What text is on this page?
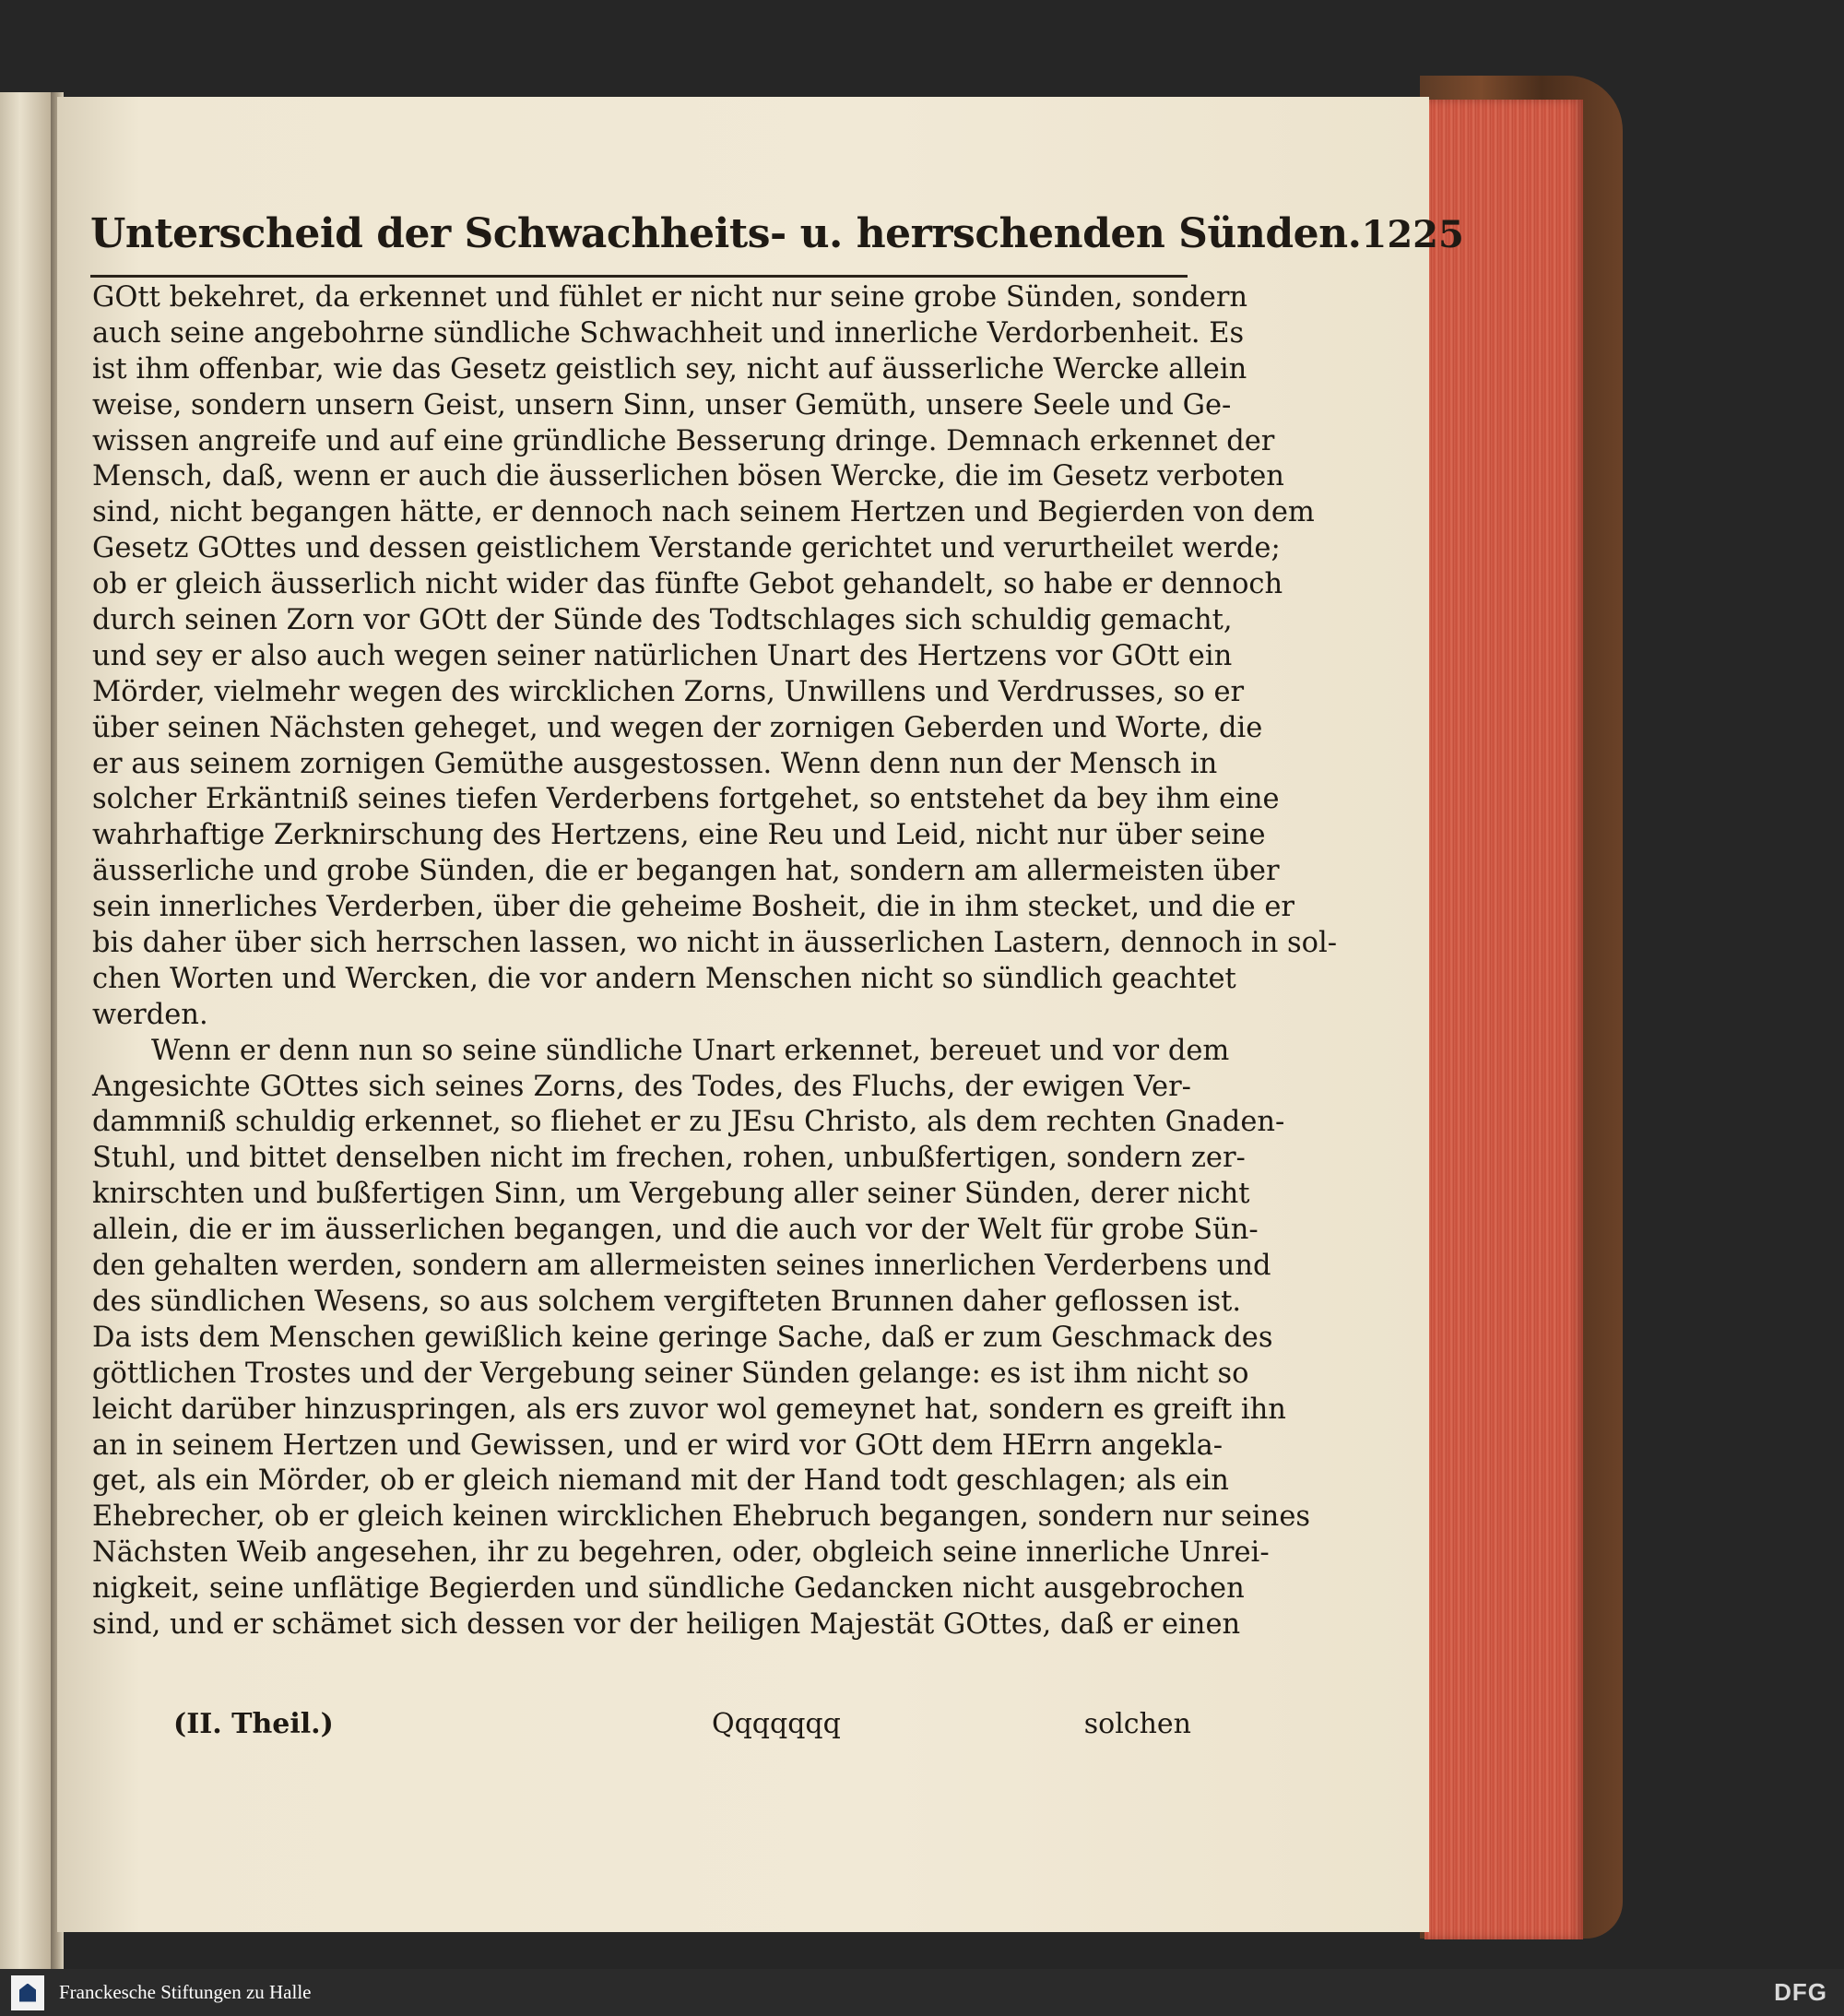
Unterscheid der Schwachheits- u. herrschenden Sünden. 1225
GOtt bekehret, da erkennet und fühlet er nicht nur seine grobe Sünden, sondern
auch seine angebohrne sündliche Schwachheit und innerliche Verdorbenheit. Es
ist ihm offenbar, wie das Gesetz geistlich sey, nicht auf äusserliche Wercke allein
weise, sondern unsern Geist, unsern Sinn, unser Gemüth, unsere Seele und Ge-
wissen angreife und auf eine gründliche Besserung dringe. Demnach erkennet der
Mensch, daß, wenn er auch die äusserlichen bösen Wercke, die im Gesetz verboten
sind, nicht begangen hätte, er dennoch nach seinem Hertzen und Begierden von dem
Gesetz GOttes und dessen geistlichem Verstande gerichtet und verurtheilet werde;
ob er gleich äusserlich nicht wider das fünfte Gebot gehandelt, so habe er dennoch
durch seinen Zorn vor GOtt der Sünde des Todtschlages sich schuldig gemacht,
und sey er also auch wegen seiner natürlichen Unart des Hertzens vor GOtt ein
Mörder, vielmehr wegen des wircklichen Zorns, Unwillens und Verdrusses, so er
über seinen Nächsten geheget, und wegen der zornigen Geberden und Worte, die
er aus seinem zornigen Gemüthe ausgestossen. Wenn denn nun der Mensch in
solcher Erkäntniß seines tiefen Verderbens fortgehet, so entstehet da bey ihm eine
wahrhaftige Zerknirschung des Hertzens, eine Reu und Leid, nicht nur über seine
äusserliche und grobe Sünden, die er begangen hat, sondern am allermeisten über
sein innerliches Verderben, über die geheime Bosheit, die in ihm stecket, und die er
bis daher über sich herrschen lassen, wo nicht in äusserlichen Lastern, dennoch in sol-
chen Worten und Wercken, die vor andern Menschen nicht so sündlich geachtet
werden.
Wenn er denn nun so seine sündliche Unart erkennet, bereuet und vor dem
Angesichte GOttes sich seines Zorns, des Todes, des Fluchs, der ewigen Ver-
dammniß schuldig erkennet, so fliehet er zu JEsu Christo, als dem rechten Gnaden-
Stuhl, und bittet denselben nicht im frechen, rohen, unbußfertigen, sondern zer-
knirschten und bußfertigen Sinn, um Vergebung aller seiner Sünden, derer nicht
allein, die er im äusserlichen begangen, und die auch vor der Welt für grobe Sün-
den gehalten werden, sondern am allermeisten seines innerlichen Verderbens und
des sündlichen Wesens, so aus solchem vergifteten Brunnen daher geflossen ist.
Da ists dem Menschen gewißlich keine geringe Sache, daß er zum Geschmack des
göttlichen Trostes und der Vergebung seiner Sünden gelange: es ist ihm nicht so
leicht darüber hinzuspringen, als ers zuvor wol gemeynet hat, sondern es greift ihn
an in seinem Hertzen und Gewissen, und er wird vor GOtt dem HErrn angekla-
get, als ein Mörder, ob er gleich niemand mit der Hand todt geschlagen; als ein
Ehebrecher, ob er gleich keinen wircklichen Ehebruch begangen, sondern nur seines
Nächsten Weib angesehen, ihr zu begehren, oder, obgleich seine innerliche Unrei-
nigkeit, seine unflätige Begierden und sündliche Gedancken nicht ausgebrochen
sind, und er schämet sich dessen vor der heiligen Majestät GOttes, daß er einen
(II. Theil.)	Qqqqqqq	solchen
Franckesche Stiftungen zu Halle	DFG
